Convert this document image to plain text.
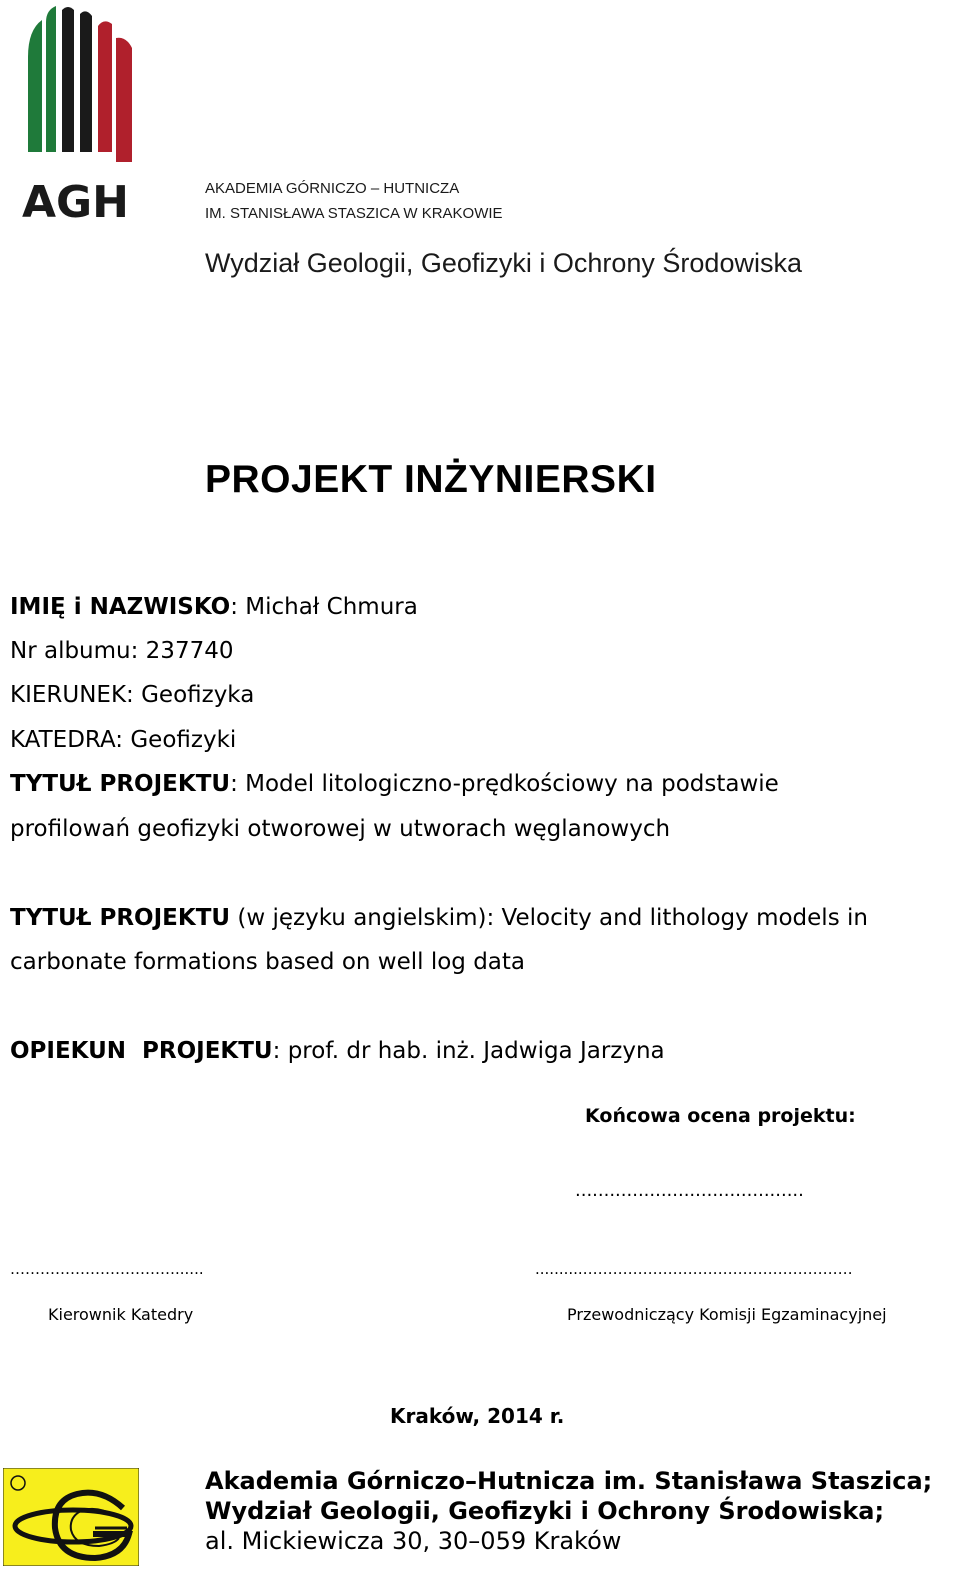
AGH	AKADEMIA GÓRNICZO – HUTNICZA
IM. STANISŁAWA STASZICA W KRAKOWIE
Wydział Geologii, Geofizyki i Ochrony Środowiska
PROJEKT INŻYNIERSKI
IMIĘ i NAZWISKO: Michał Chmura
Nr albumu: 237740
KIERUNEK: Geofizyka
KATEDRA: Geofizyki
TYTUŁ PROJEKTU: Model litologiczno-prędkościowy na podstawie
profilowań geofizyki otworowej w utworach węglanowych
TYTUŁ PROJEKTU (w języku angielskim): Velocity and lithology models in
carbonate formations based on well log data
OPIEKUN  PROJEKTU: prof. dr hab. inż. Jadwiga Jarzyna
Końcowa ocena projektu:
........................................
……………………………......	..........………………………………………………
Kierownik Katedry	Przewodniczący Komisji Egzaminacyjnej
Kraków, 2014 r.
Akademia Górniczo–Hutnicza im. Stanisława Staszica;
Wydział Geologii, Geofizyki i Ochrony Środowiska;
al. Mickiewicza 30, 30–059 Kraków
